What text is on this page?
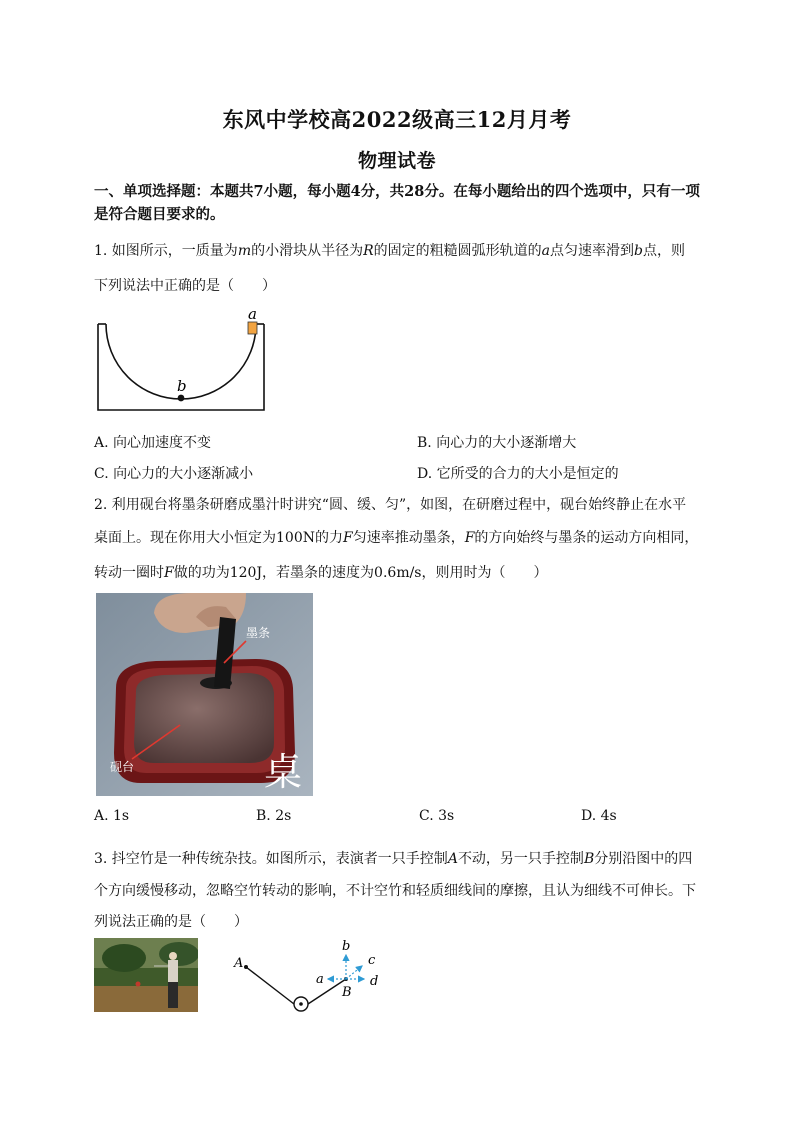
东风中学校高2022级高三12月月考
物理试卷
一、单项选择题：本题共7小题，每小题4分，共28分。在每小题给出的四个选项中，只有一项是符合题目要求的。
1. 如图所示，一质量为m的小滑块从半径为R的固定的粗糙圆弧形轨道的a点匀速率滑到b点，则
下列说法中正确的是（　　）
a
b
A. 向心加速度不变	B. 向心力的大小逐渐增大
C. 向心力的大小逐渐减小	D. 它所受的合力的大小是恒定的
2. 利用砚台将墨条研磨成墨汁时讲究“圆、缓、匀”，如图，在研磨过程中，砚台始终静止在水平
桌面上。现在你用大小恒定为100N的力F匀速率推动墨条，F的方向始终与墨条的运动方向相同，
转动一圈时F做的功为120J，若墨条的速度为0.6m/s，则用时为（　　）
墨条
砚台	桌
A. 1s	B. 2s	C. 3s	D. 4s
3. 抖空竹是一种传统杂技。如图所示，表演者一只手控制A不动，另一只手控制B分别沿图中的四
个方向缓慢移动，忽略空竹转动的影响，不计空竹和轻质细线间的摩擦，且认为细线不可伸长。下
列说法正确的是（　　）
A
B
b
a
c
d
